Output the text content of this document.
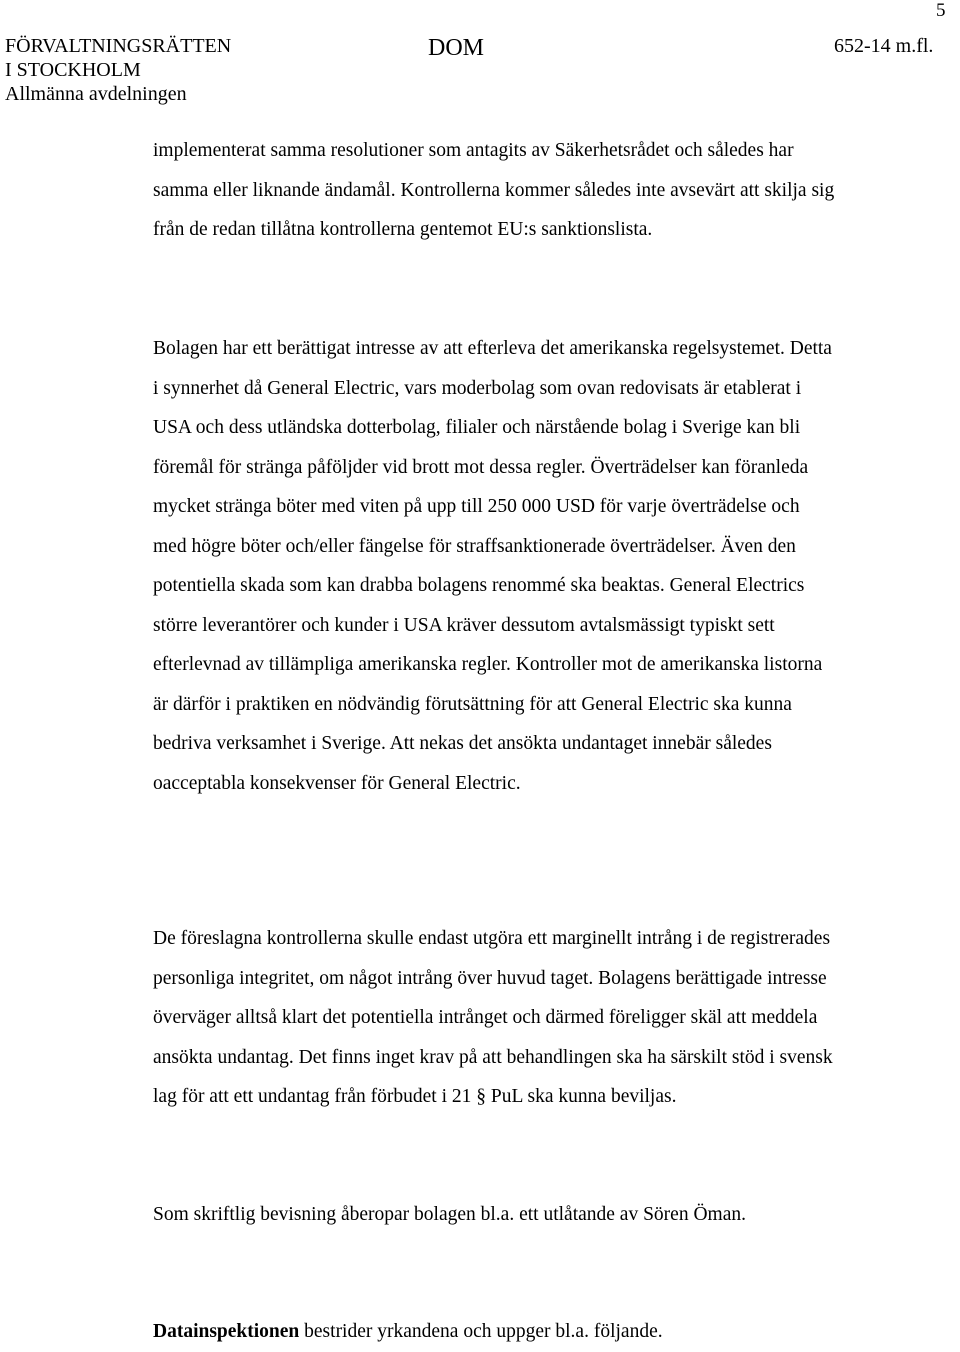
5
FÖRVALTNINGSRÄTTEN
I STOCKHOLM
Allmänna avdelningen
DOM	652-14 m.fl.

implementerat samma resolutioner som antagits av Säkerhetsrådet och således har samma eller liknande ändamål. Kontrollerna kommer således inte avsevärt att skilja sig från de redan tillåtna kontrollerna gentemot EU:s sanktionslista.

Bolagen har ett berättigat intresse av att efterleva det amerikanska regelsystemet. Detta i synnerhet då General Electric, vars moderbolag som ovan redovisats är etablerat i USA och dess utländska dotterbolag, filialer och närstående bolag i Sverige kan bli föremål för stränga påföljder vid brott mot dessa regler. Överträdelser kan föranleda mycket stränga böter med viten på upp till 250 000 USD för varje överträdelse och med högre böter och/eller fängelse för straffsanktionerade överträdelser. Även den potentiella skada som kan drabba bolagens renommé ska beaktas. General Electrics större leverantörer och kunder i USA kräver dessutom avtalsmässigt typiskt sett efterlevnad av tillämpliga amerikanska regler. Kontroller mot de amerikanska listorna är därför i praktiken en nödvändig förutsättning för att General Electric ska kunna bedriva verksamhet i Sverige. Att nekas det ansökta undantaget innebär således oacceptabla konsekvenser för General Electric.

De föreslagna kontrollerna skulle endast utgöra ett marginellt intrång i de registrerades personliga integritet, om något intrång över huvud taget. Bolagens berättigade intresse överväger alltså klart det potentiella intrånget och därmed föreligger skäl att meddela ansökta undantag. Det finns inget krav på att behandlingen ska ha särskilt stöd i svensk lag för att ett undantag från förbudet i 21 § PuL ska kunna beviljas.

Som skriftlig bevisning åberopar bolagen bl.a. ett utlåtande av Sören Öman.

Datainspektionen bestrider yrkandena och uppger bl.a. följande.
